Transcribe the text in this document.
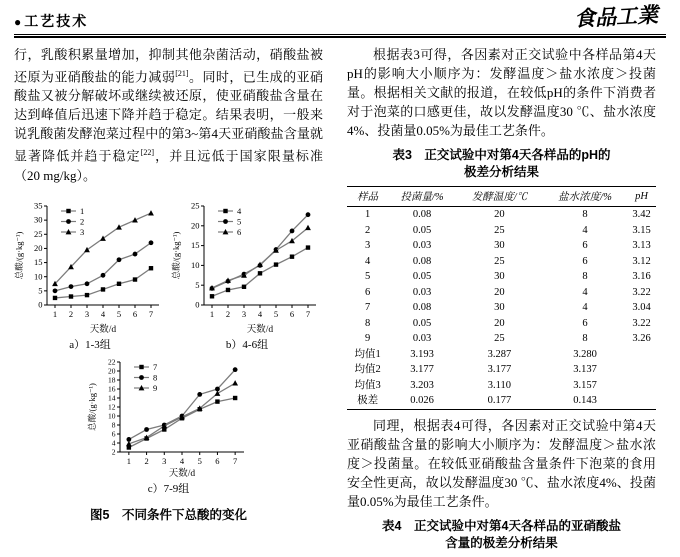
● 工艺技术	食品工業

行，乳酸积累量增加，抑制其他杂菌活动，硝酸盐被还原为亚硝酸盐的能力减弱[21]。同时，已生成的亚硝酸盐又被分解破坏或继续被还原，使亚硝酸盐含量在达到峰值后迅速下降并趋于稳定。结果表明，一般来说乳酸菌发酵泡菜过程中的第3~第4天亚硝酸盐含量就显著降低并趋于稳定[22]，并且远低于国家限量标准（20 mg/kg）。

0
5
10
15
20
25
30
35
1 2 3 4 5 6 7
天数/d
总酸/(g·kg⁻¹)
1
2
3
a）1-3组
0
5
10
15
20
25
1 2 3 4 5 6 7
天数/d
总酸/(g·kg⁻¹)
4
5
6
b）4-6组
2
4
6
8
10
12
14
16
18
20
22
1 2 3 4 5 6 7
天数/d
总酸/(g·kg⁻¹)
7
8
9
c）7-9组
图5　不同条件下总酸的变化

根据表3可得，各因素对正交试验中各样品第4天pH的影响大小顺序为：发酵温度＞盐水浓度＞投菌量。根据相关文献的报道，在较低pH的条件下消费者对于泡菜的口感更佳，故以发酵温度30 ℃、盐水浓度4%、投菌量0.05%为最佳工艺条件。

表3　正交试验中对第4天各样品的pH的
极差分析结果
样品	投菌量/%	发酵温度/℃	盐水浓度/%	pH
1	0.08	20	8	3.42
2	0.05	25	4	3.15
3	0.03	30	6	3.13
4	0.08	25	6	3.12
5	0.05	30	8	3.16
6	0.03	20	4	3.22
7	0.08	30	4	3.04
8	0.05	20	6	3.22
9	0.03	25	8	3.26
均值1	3.193	3.287	3.280	
均值2	3.177	3.177	3.137	
均值3	3.203	3.110	3.157	
极差	0.026	0.177	0.143	

同理，根据表4可得，各因素对正交试验中第4天亚硝酸盐含量的影响大小顺序为：发酵温度＞盐水浓度＞投菌量。在较低亚硝酸盐含量条件下泡菜的食用安全性更高，故以发酵温度30 ℃、盐水浓度4%、投菌量0.05%为最佳工艺条件。

表4　正交试验中对第4天各样品的亚硝酸盐
含量的极差分析结果
